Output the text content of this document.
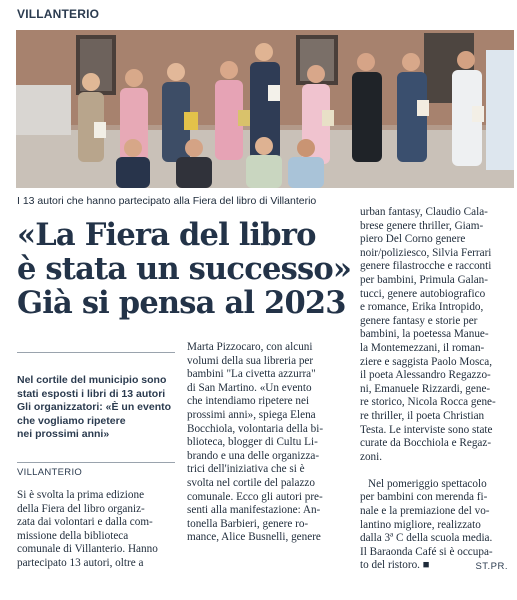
VILLANTERIO
I 13 autori che hanno partecipato alla Fiera del libro di Villanterio
«La Fiera del libro
è stata un successo»
Già si pensa al 2023
Nel cortile del municipio sono
stati esposti i libri di 13 autori
Gli organizzatori: «È un evento
che vogliamo ripetere
nei prossimi anni»
VILLANTERIO
Si è svolta la prima edizione
della Fiera del libro organiz-
zata dai volontari e dalla com-
missione della biblioteca
comunale di Villanterio. Hanno
partecipato 13 autori, oltre a
Marta Pizzocaro, con alcuni
volumi della sua libreria per
bambini "La civetta azzurra"
di San Martino. «Un evento
che intendiamo ripetere nei
prossimi anni», spiega Elena
Bocchiola, volontaria della bi-
blioteca, blogger di Cultu Li-
brando e una delle organizza-
trici dell'iniziativa che si è
svolta nel cortile del palazzo
comunale. Ecco gli autori pre-
senti alla manifestazione: An-
tonella Barbieri, genere ro-
mance, Alice Busnelli, genere
urban fantasy, Claudio Cala-
brese genere thriller, Giam-
piero Del Corno genere
noir/poliziesco, Silvia Ferrari
genere filastrocche e racconti
per bambini, Primula Galan-
tucci, genere autobiografico
e romance, Erika Intropido,
genere fantasy e storie per
bambini, la poetessa Manue-
la Montemezzani, il roman-
ziere e saggista Paolo Mosca,
il poeta Alessandro Regazzo-
ni, Emanuele Rizzardi, gene-
re storico, Nicola Rocca gene-
re thriller, il poeta Christian
Testa. Le interviste sono state
curate da Bocchiola e Regaz-
zoni.
Nel pomeriggio spettacolo
per bambini con merenda fi-
nale e la premiazione del vo-
lantino migliore, realizzato
dalla 3ª C della scuola media.
Il Baraonda Café si è occupa-
to del ristoro. ■	ST.PR.
